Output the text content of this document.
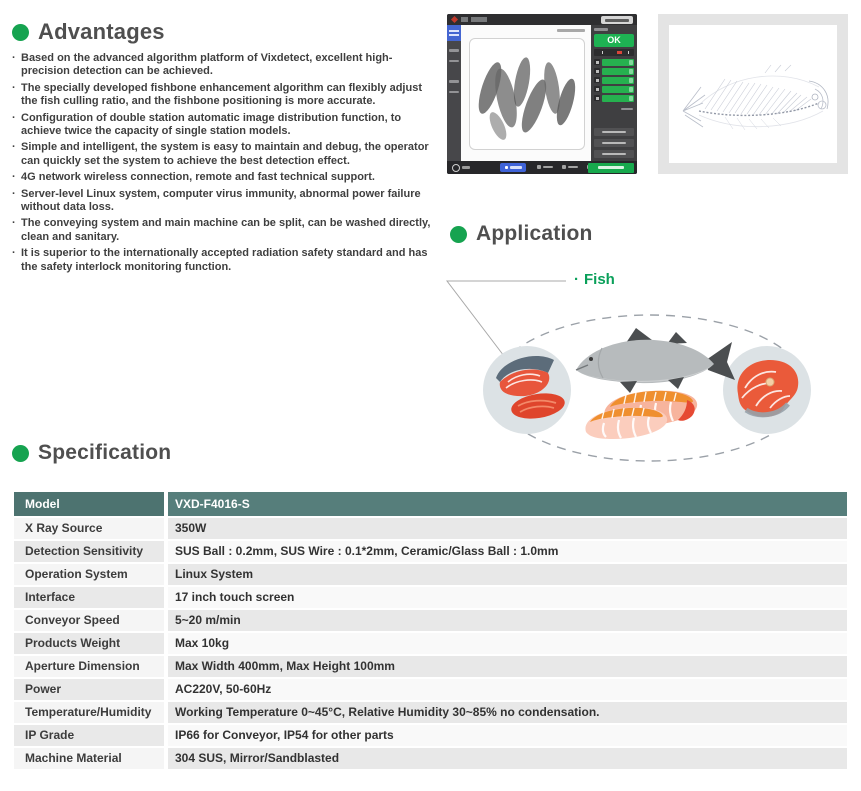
Advantages
· Based on the advanced algorithm platform of Vixdetect, excellent high-precision detection can be achieved.
· The specially developed fishbone enhancement algorithm can flexibly adjust the fish culling ratio, and the fishbone positioning is more accurate.
· Configuration of double station automatic image distribution function, to achieve twice the capacity of single station models.
· Simple and intelligent, the system is easy to maintain and debug, the operator can quickly set the system to achieve the best detection effect.
· 4G network wireless connection, remote and fast technical support.
· Server-level Linux system, computer virus immunity, abnormal power failure without data loss.
· The conveying system and main machine can be split, can be washed directly, clean and sanitary.
· It is superior to the internationally accepted radiation safety standard and has the safety interlock monitoring function.
OK
Application
· Fish
Specification
Model	VXD-F4016-S
X Ray Source	350W
Detection Sensitivity	SUS Ball : 0.2mm, SUS Wire : 0.1*2mm, Ceramic/Glass Ball : 1.0mm
Operation System	Linux System
Interface	17 inch touch screen
Conveyor Speed	5~20 m/min
Products Weight	Max 10kg
Aperture Dimension	Max Width 400mm, Max Height 100mm
Power	AC220V, 50-60Hz
Temperature/Humidity	Working Temperature 0~45°C, Relative Humidity 30~85% no condensation.
IP Grade	IP66 for Conveyor, IP54 for other parts
Machine Material	304 SUS, Mirror/Sandblasted
